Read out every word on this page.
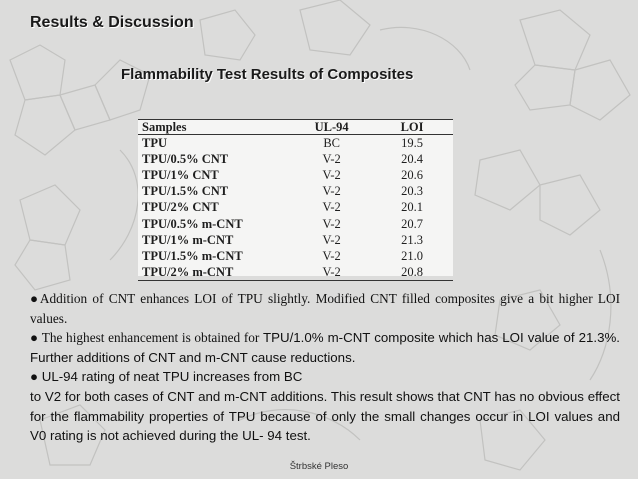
Results & Discussion
Flammability Test Results of Composites
Samples	UL-94	LOI
TPU	BC	19.5
TPU/0.5% CNT	V-2	20.4
TPU/1% CNT	V-2	20.6
TPU/1.5% CNT	V-2	20.3
TPU/2% CNT	V-2	20.1
TPU/0.5% m-CNT	V-2	20.7
TPU/1% m-CNT	V-2	21.3
TPU/1.5% m-CNT	V-2	21.0
TPU/2% m-CNT	V-2	20.8

●Addition of CNT enhances LOI of TPU slightly. Modified CNT filled composites give a bit higher LOI values.

● The highest enhancement is obtained for TPU/1.0% m-CNT composite which has LOI value of 21.3%. Further additions of CNT and m-CNT cause reductions.

● UL-94 rating of neat TPU increases from BC

to V2 for both cases of CNT and m-CNT additions. This result shows that CNT has no obvious effect for the flammability properties of TPU because of only the small changes occur in LOI values and V0 rating is not achieved during the UL- 94 test.

Štrbské Pleso
